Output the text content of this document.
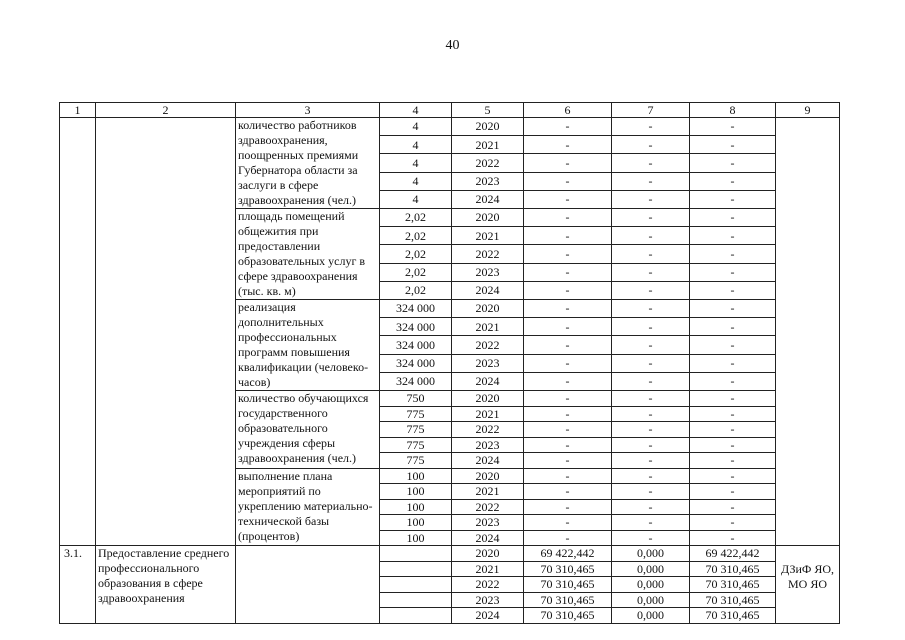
40
1	2	3	4	5	6	7	8	9
		количество работников здравоохранения, поощренных премиями Губернатора области за заслуги в сфере здравоохранения (чел.)	4	2020	-	-	-	
			4	2021	-	-	-	
			4	2022	-	-	-	
			4	2023	-	-	-	
			4	2024	-	-	-	
		площадь помещений общежития при предоставлении образовательных услуг в сфере здравоохранения (тыс. кв. м)	2,02	2020	-	-	-	
			2,02	2021	-	-	-	
			2,02	2022	-	-	-	
			2,02	2023	-	-	-	
			2,02	2024	-	-	-	
		реализация дополнительных профессиональных программ повышения квалификации (человеко-часов)	324 000	2020	-	-	-	
			324 000	2021	-	-	-	
			324 000	2022	-	-	-	
			324 000	2023	-	-	-	
			324 000	2024	-	-	-	
		количество обучающихся государственного образовательного учреждения сферы здравоохранения (чел.)	750	2020	-	-	-	
			775	2021	-	-	-	
			775	2022	-	-	-	
			775	2023	-	-	-	
			775	2024	-	-	-	
		выполнение плана мероприятий по укреплению материально-технической базы (процентов)	100	2020	-	-	-	
			100	2021	-	-	-	
			100	2022	-	-	-	
			100	2023	-	-	-	
			100	2024	-	-	-	
3.1.	Предоставление среднего профессионального образования в сфере здравоохранения			2020	69 422,442	0,000	69 422,442	ДЗиФ ЯО, МО ЯО
				2021	70 310,465	0,000	70 310,465	
				2022	70 310,465	0,000	70 310,465	
				2023	70 310,465	0,000	70 310,465	
				2024	70 310,465	0,000	70 310,465	
